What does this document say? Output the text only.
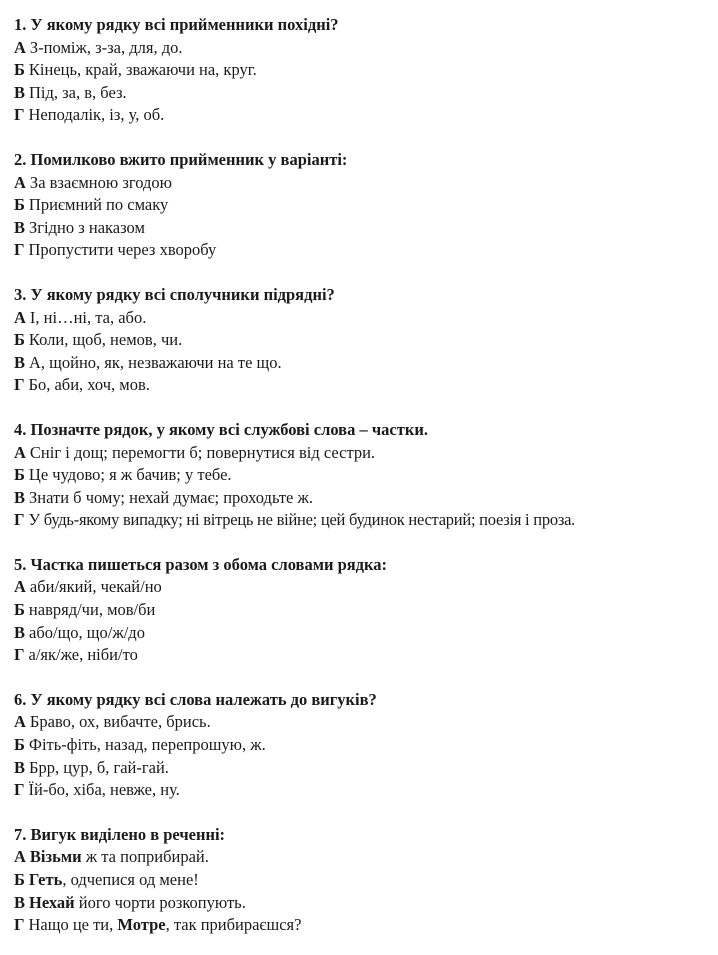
1. У якому рядку всі прийменники похідні?
А З-поміж, з-за, для, до.
Б Кінець, край, зважаючи на, круг.
В Під, за, в, без.
Г Неподалік, із, у, об.
2. Помилково вжито прийменник у варіанті:
А За взаємною згодою
Б Приємний по смаку
В Згідно з наказом
Г Пропустити через хворобу
3. У якому рядку всі сполучники підрядні?
А І, ні…ні, та, або.
Б Коли, щоб, немов, чи.
В А, щойно, як, незважаючи на те що.
Г Бо, аби, хоч, мов.
4. Позначте рядок, у якому всі службові слова – частки.
А Сніг і дощ; перемогти б; повернутися від сестри.
Б Це чудово; я ж бачив; у тебе.
В Знати б чому; нехай думає; проходьте ж.
Г У будь-якому випадку; ні вітрець не війне; цей будинок нестарий; поезія і проза.
5. Частка пишеться разом з обома словами рядка:
А аби/який, чекай/но
Б навряд/чи, мов/би
В або/що, що/ж/до
Г а/як/же, ніби/то
6. У якому рядку всі слова належать до вигуків?
А Браво, ох, вибачте, брись.
Б Фіть-фіть, назад, перепрошую, ж.
В Брр, цур, б, гай-гай.
Г Їй-бо, хіба, невже, ну.
7. Вигук виділено в реченні:
А Візьми ж та поприбирай.
Б Геть, одчепися од мене!
В Нехай його чорти розкопують.
Г Нащо це ти, Мотре, так прибираєшся?
